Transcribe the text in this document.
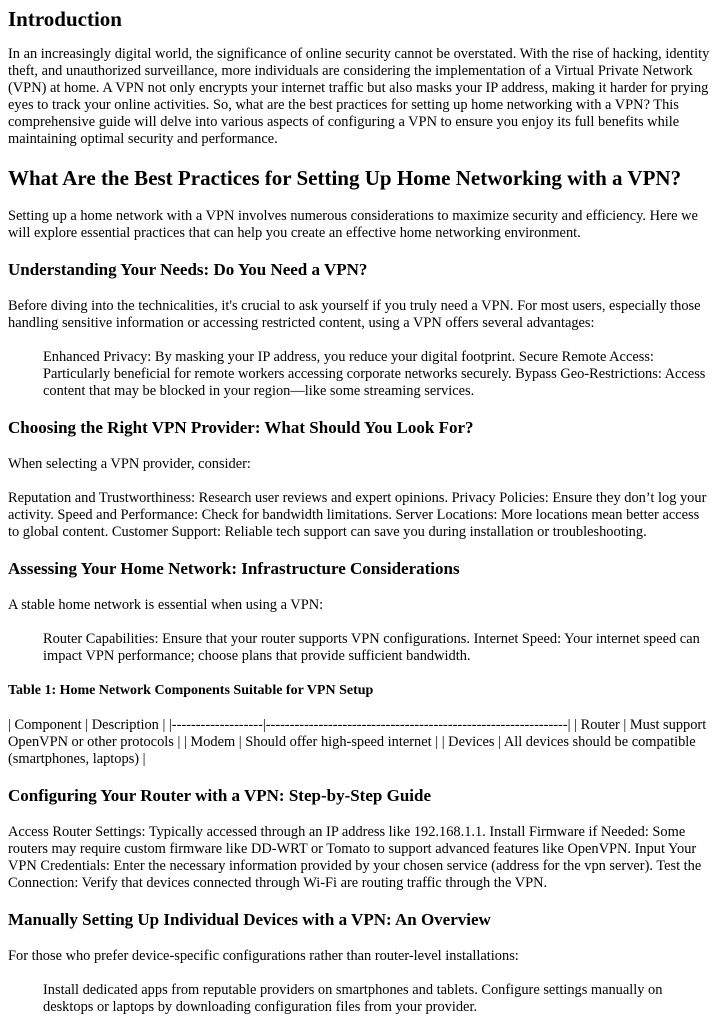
Introduction

In an increasingly digital world, the significance of online security cannot be overstated. With the rise of hacking, identity theft, and unauthorized surveillance, more individuals are considering the implementation of a Virtual Private Network (VPN) at home. A VPN not only encrypts your internet traffic but also masks your IP address, making it harder for prying eyes to track your online activities. So, what are the best practices for setting up home networking with a VPN? This comprehensive guide will delve into various aspects of configuring a VPN to ensure you enjoy its full benefits while maintaining optimal security and performance.

What Are the Best Practices for Setting Up Home Networking with a VPN?

Setting up a home network with a VPN involves numerous considerations to maximize security and efficiency. Here we will explore essential practices that can help you create an effective home networking environment.

Understanding Your Needs: Do You Need a VPN?

Before diving into the technicalities, it's crucial to ask yourself if you truly need a VPN. For most users, especially those handling sensitive information or accessing restricted content, using a VPN offers several advantages:

Enhanced Privacy: By masking your IP address, you reduce your digital footprint. Secure Remote Access: Particularly beneficial for remote workers accessing corporate networks securely. Bypass Geo-Restrictions: Access content that may be blocked in your region—like some streaming services.
Choosing the Right VPN Provider: What Should You Look For?

When selecting a VPN provider, consider:

Reputation and Trustworthiness: Research user reviews and expert opinions. Privacy Policies: Ensure they don’t log your activity. Speed and Performance: Check for bandwidth limitations. Server Locations: More locations mean better access to global content. Customer Support: Reliable tech support can save you during installation or troubleshooting.

Assessing Your Home Network: Infrastructure Considerations

A stable home network is essential when using a VPN:

Router Capabilities: Ensure that your router supports VPN configurations. Internet Speed: Your internet speed can impact VPN performance; choose plans that provide sufficient bandwidth.
Table 1: Home Network Components Suitable for VPN Setup

| Component | Description | |-------------------|---------------------------------------------------------------| | Router | Must support OpenVPN or other protocols | | Modem | Should offer high-speed internet | | Devices | All devices should be compatible (smartphones, laptops) |

Configuring Your Router with a VPN: Step-by-Step Guide

Access Router Settings: Typically accessed through an IP address like 192.168.1.1. Install Firmware if Needed: Some routers may require custom firmware like DD-WRT or Tomato to support advanced features like OpenVPN. Input Your VPN Credentials: Enter the necessary information provided by your chosen service (address for the vpn server). Test the Connection: Verify that devices connected through Wi-Fi are routing traffic through the VPN.

Manually Setting Up Individual Devices with a VPN: An Overview

For those who prefer device-specific configurations rather than router-level installations:

Install dedicated apps from reputable providers on smartphones and tablets. Configure settings manually on desktops or laptops by downloading configuration files from your provider.
